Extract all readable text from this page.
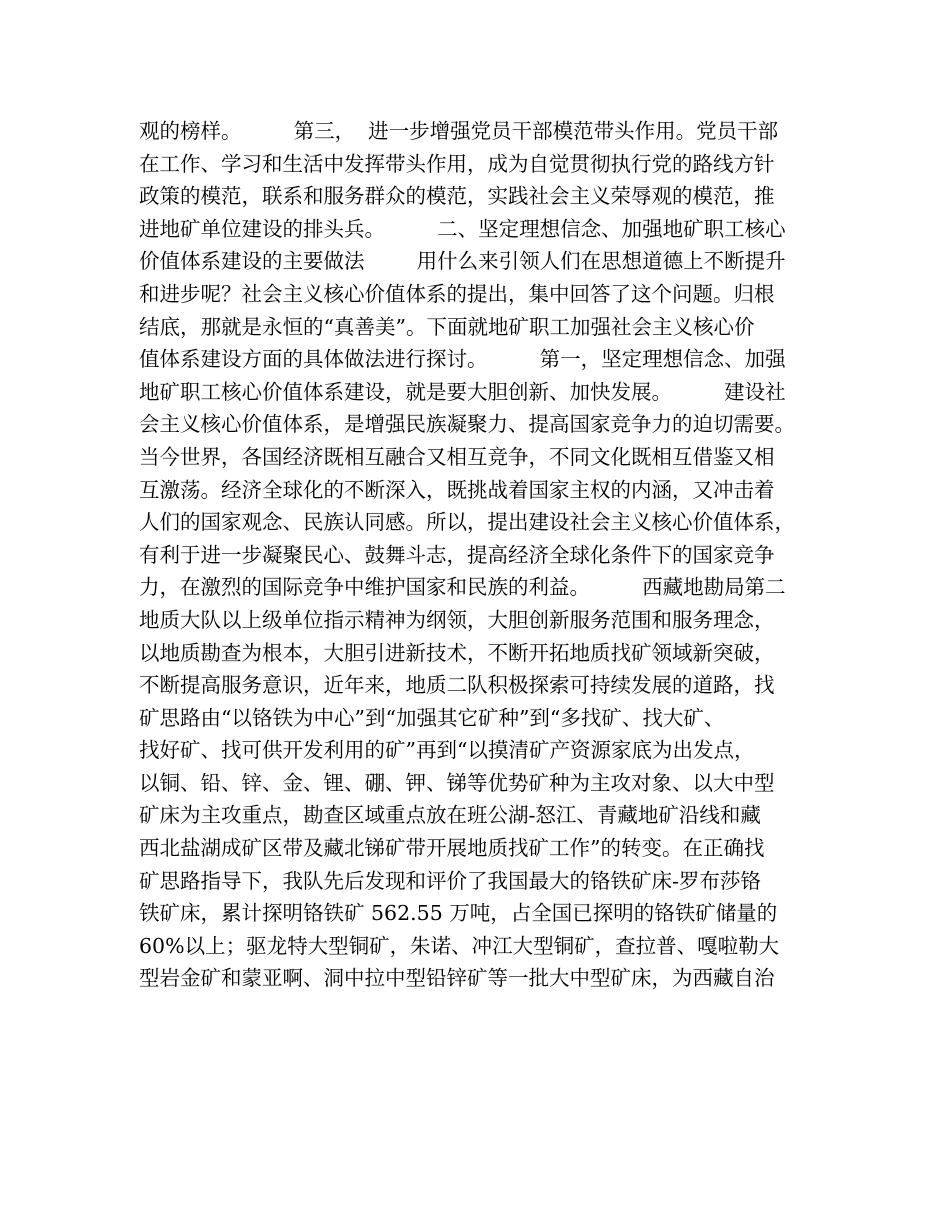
观的榜样。        第三，  进一步增强党员干部模范带头作用。党员干部
在工作、学习和生活中发挥带头作用，成为自觉贯彻执行党的路线方针
政策的模范，联系和服务群众的模范，实践社会主义荣辱观的模范，推
进地矿单位建设的排头兵。        二、坚定理想信念、加强地矿职工核心
价值体系建设的主要做法        用什么来引领人们在思想道德上不断提升
和进步呢？社会主义核心价值体系的提出，集中回答了这个问题。归根
结底，那就是永恒的“真善美”。下面就地矿职工加强社会主义核心价
值体系建设方面的具体做法进行探讨。        第一，坚定理想信念、加强
地矿职工核心价值体系建设，就是要大胆创新、加快发展。        建设社
会主义核心价值体系，是增强民族凝聚力、提高国家竞争力的迫切需要。
当今世界，各国经济既相互融合又相互竞争，不同文化既相互借鉴又相
互激荡。经济全球化的不断深入，既挑战着国家主权的内涵，又冲击着
人们的国家观念、民族认同感。所以，提出建设社会主义核心价值体系，
有利于进一步凝聚民心、鼓舞斗志，提高经济全球化条件下的国家竞争
力，在激烈的国际竞争中维护国家和民族的利益。        西藏地勘局第二
地质大队以上级单位指示精神为纲领，大胆创新服务范围和服务理念，
以地质勘查为根本，大胆引进新技术，不断开拓地质找矿领域新突破，
不断提高服务意识，近年来，地质二队积极探索可持续发展的道路，找
矿思路由“以铬铁为中心”到“加强其它矿种”到“多找矿、找大矿、
找好矿、找可供开发利用的矿”再到“以摸清矿产资源家底为出发点，
以铜、铅、锌、金、锂、硼、钾、锑等优势矿种为主攻对象、以大中型
矿床为主攻重点，勘查区域重点放在班公湖-怒江、青藏地矿沿线和藏
西北盐湖成矿区带及藏北锑矿带开展地质找矿工作”的转变。在正确找
矿思路指导下，我队先后发现和评价了我国最大的铬铁矿床-罗布莎铬
铁矿床，累计探明铬铁矿 562.55 万吨，占全国已探明的铬铁矿储量的
60%以上；驱龙特大型铜矿，朱诺、冲江大型铜矿，查拉普、嘎啦勒大
型岩金矿和蒙亚啊、洞中拉中型铅锌矿等一批大中型矿床，为西藏自治
